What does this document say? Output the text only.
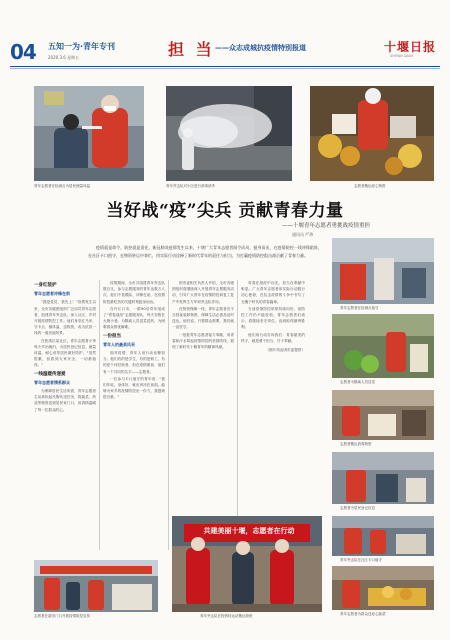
04 五知一为·青年专刊
2020.3.6 星期五	担 当 ——众志成城抗疫情特别报道	十堰日报
SHIYAN DAILY
青年志愿者在检测点为居民测量体温	青年突击队对小区进行消毒消杀	志愿者搬运爱心物资
当好战“疫”尖兵 贡献青春力量
——十堰青年志愿者勇挑战疫情重担
通讯员 严珍
疫情就是命令，防控就是责任。新冠肺炎疫情发生以来，十堰广大青年志愿者闻令而动、挺身而出，在疫情防控一线冲锋陷阵，在社区卡口值守，在物资转运中奔忙，用实际行动诠释了新时代青年的责任与担当，为打赢疫情防控阻击战贡献了青春力量。
一身红装护
青年志愿者冲锋在前

“我是党员，我先上！”疫情发生以来，全市各级团组织广泛动员青年志愿者，组建青年突击队，深入社区、乡村开展疫情防控工作。他们身穿红马甲，守卡点、测体温、送物资，成为抗疫一线的一道亮丽风景。

在张湾区某社区，青年志愿者小李每天早出晚归，为居民登记信息、测量体温，耐心劝导居民做好防护。“虽然很累，但看到大家安全，一切都值得。”

一线温暖传递爱
青年志愿者情系群众

为保障居民生活所需，青年志愿者主动承担起代购代送任务，将蔬菜、药品等物资送到居民家门口，用真情温暖了每一位群众的心。

疫情期间，全市共组建青年突击队数百支，参与志愿服务的青年达数万人次。他们不畏艰险、冲锋在前，在疫情防控最吃劲的关键时刻挺身而出。

在丹江口市，一群90后青年组成了“青春战疫”志愿服务队，每天穿梭在大街小巷，为隔离人员送菜送药，为困难群众排忧解难。

一份担当
青年人的最美风采

面对疫情，青年人用行动诠释担当。他们有的是学生，有的是职工，有的是个体经营者，但在疫情面前，他们有一个共同的名字——志愿者。

一位参与卡口值守的青年说：“我们年轻，身体好，就应该冲在前面。能够为家乡的疫情防控出一份力，我感到很自豪。”

团市委相关负责人介绍，全市各级团组织将继续深入开展青年志愿服务活动，引导广大青年在疫情防控和复工复产中发挥生力军和突击队作用。

在物资保障一线，青年志愿者们不分昼夜装卸物资，保障生活必需品及时送达。他们说，只要群众需要，我们就一直坚守。

一批批青年志愿者接力奉献，用青春和汗水筑起疫情防控的坚固防线，展现了新时代十堰青年的精神风貌。

青春在战疫中闪光，担当在奉献中彰显。广大青年志愿者用实际行动践行初心使命，在抗击疫情的斗争中书写了无愧于时代的青春篇章。

当前疫情防控形势持续向好，但防控工作仍不能放松。青年志愿者们表示，将继续坚守岗位，直到取得最终胜利。

他们用行动告诉我们：青春最美的样子，就是勇于担当、甘于奉献。

（图片均由团市委提供）

青年志愿者在检测点值守
志愿者为隔离人员送菜
志愿者搬运消毒物资
志愿者为居民登记信息
青年突击队在社区卡口值守
青年志愿者为群众送爱心蔬菜
志愿者在超市门口开展疫情防控宣传
共建美丽十堰，志愿者在行动
青年突击队在物资转运站搬运物资
